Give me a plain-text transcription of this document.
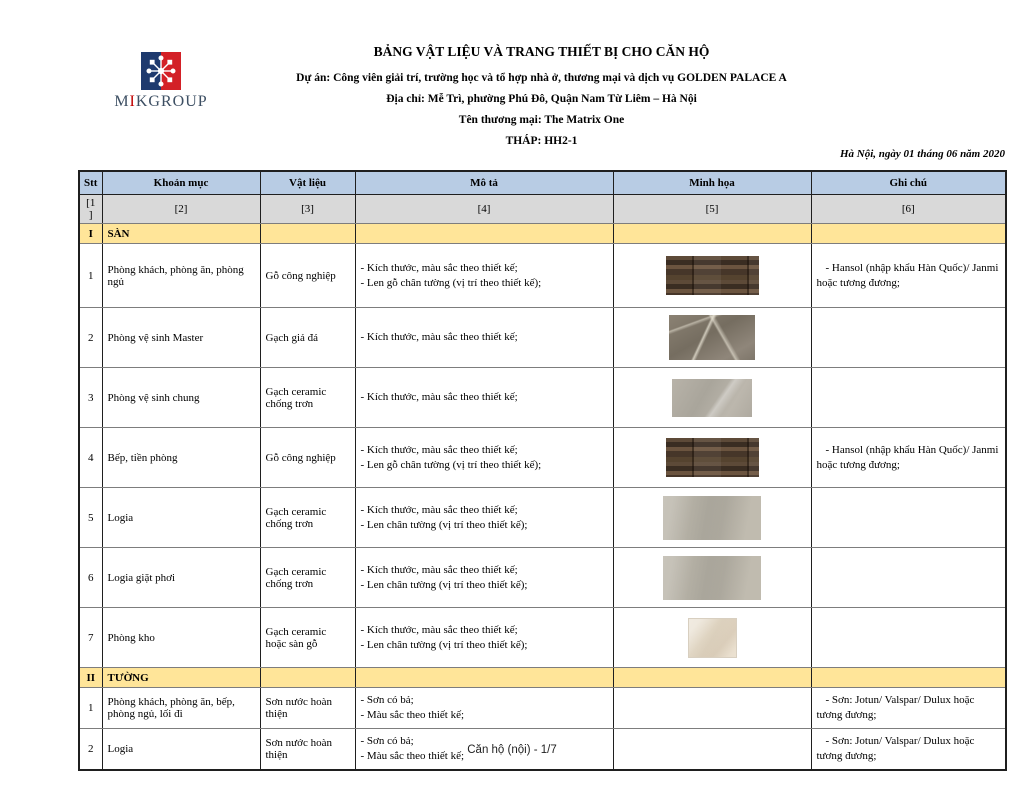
MIKGROUP
BẢNG VẬT LIỆU VÀ TRANG THIẾT BỊ CHO CĂN HỘ
Dự án: Công viên giải trí, trường học và tổ hợp nhà ở, thương mại và dịch vụ GOLDEN PALACE A
Địa chỉ: Mễ Trì, phường Phú Đô, Quận Nam Từ Liêm – Hà Nội
Tên thương mại: The Matrix One
THÁP: HH2-1
Hà Nội, ngày 01 tháng 06 năm 2020
Stt	Khoản mục	Vật liệu	Mô tả	Minh họa	Ghi chú
[1]	[2]	[3]	[4]	[5]	[6]
I	SÀN				
1	Phòng khách, phòng ăn, phòng ngủ	Gỗ công nghiệp	- Kích thước, màu sắc theo thiết kế;
- Len gỗ chân tường (vị trí theo thiết kế);		- Hansol (nhập khẩu Hàn Quốc)/ Janmi hoặc tương đương;
2	Phòng vệ sinh Master	Gạch giả đá	- Kích thước, màu sắc theo thiết kế;		

3	Phòng vệ sinh chung	Gạch ceramic chống trơn	- Kích thước, màu sắc theo thiết kế;		

4	Bếp, tiền phòng	Gỗ công nghiệp	- Kích thước, màu sắc theo thiết kế;
- Len gỗ chân tường (vị trí theo thiết kế);		- Hansol (nhập khẩu Hàn Quốc)/ Janmi hoặc tương đương;
5	Logia	Gạch ceramic chống trơn	- Kích thước, màu sắc theo thiết kế;
- Len chân tường (vị trí theo thiết kế);		

6	Logia giặt phơi	Gạch ceramic chống trơn	- Kích thước, màu sắc theo thiết kế;
- Len chân tường (vị trí theo thiết kế);		

7	Phòng kho	Gạch ceramic hoặc sàn gỗ	- Kích thước, màu sắc theo thiết kế;
- Len chân tường (vị trí theo thiết kế);		

II	TƯỜNG				
1	Phòng khách, phòng ăn, bếp, phòng ngủ, lối đi	Sơn nước hoàn thiện	- Sơn có bả;
- Màu sắc theo thiết kế;		- Sơn: Jotun/ Valspar/ Dulux hoặc tương đương;
2	Logia	Sơn nước hoàn thiện	- Sơn có bả;
- Màu sắc theo thiết kế;		- Sơn: Jotun/ Valspar/ Dulux hoặc tương đương;
Căn hộ (nội) - 1/7
